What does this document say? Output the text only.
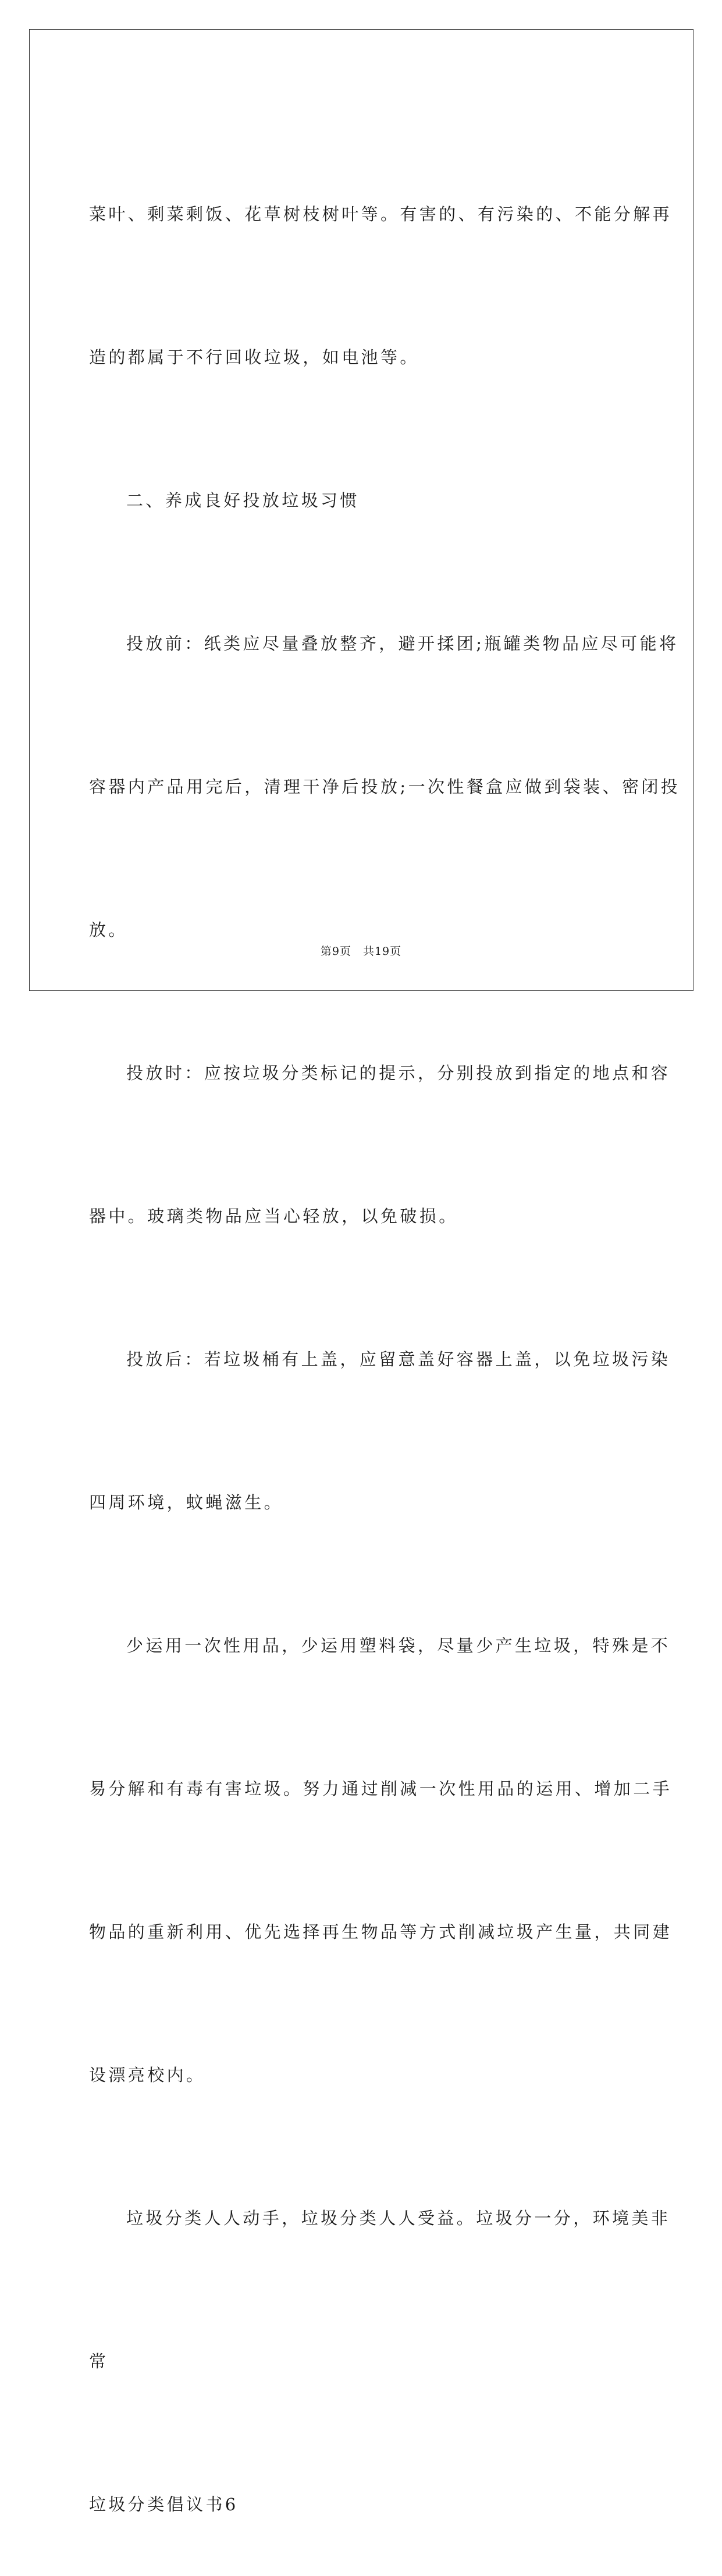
菜叶、剩菜剩饭、花草树枝树叶等。有害的、有污染的、不能分解再

造的都属于不行回收垃圾，如电池等。

二、养成良好投放垃圾习惯

投放前：纸类应尽量叠放整齐，避开揉团;瓶罐类物品应尽可能将

容器内产品用完后，清理干净后投放;一次性餐盒应做到袋装、密闭投

放。

投放时：应按垃圾分类标记的提示，分别投放到指定的地点和容

器中。玻璃类物品应当心轻放，以免破损。

投放后：若垃圾桶有上盖，应留意盖好容器上盖，以免垃圾污染

四周环境，蚊蝇滋生。

少运用一次性用品，少运用塑料袋，尽量少产生垃圾，特殊是不

易分解和有毒有害垃圾。努力通过削减一次性用品的运用、增加二手

物品的重新利用、优先选择再生物品等方式削减垃圾产生量，共同建

设漂亮校内。

垃圾分类人人动手，垃圾分类人人受益。垃圾分一分，环境美非

常

垃圾分类倡议书6

第9页　共19页
